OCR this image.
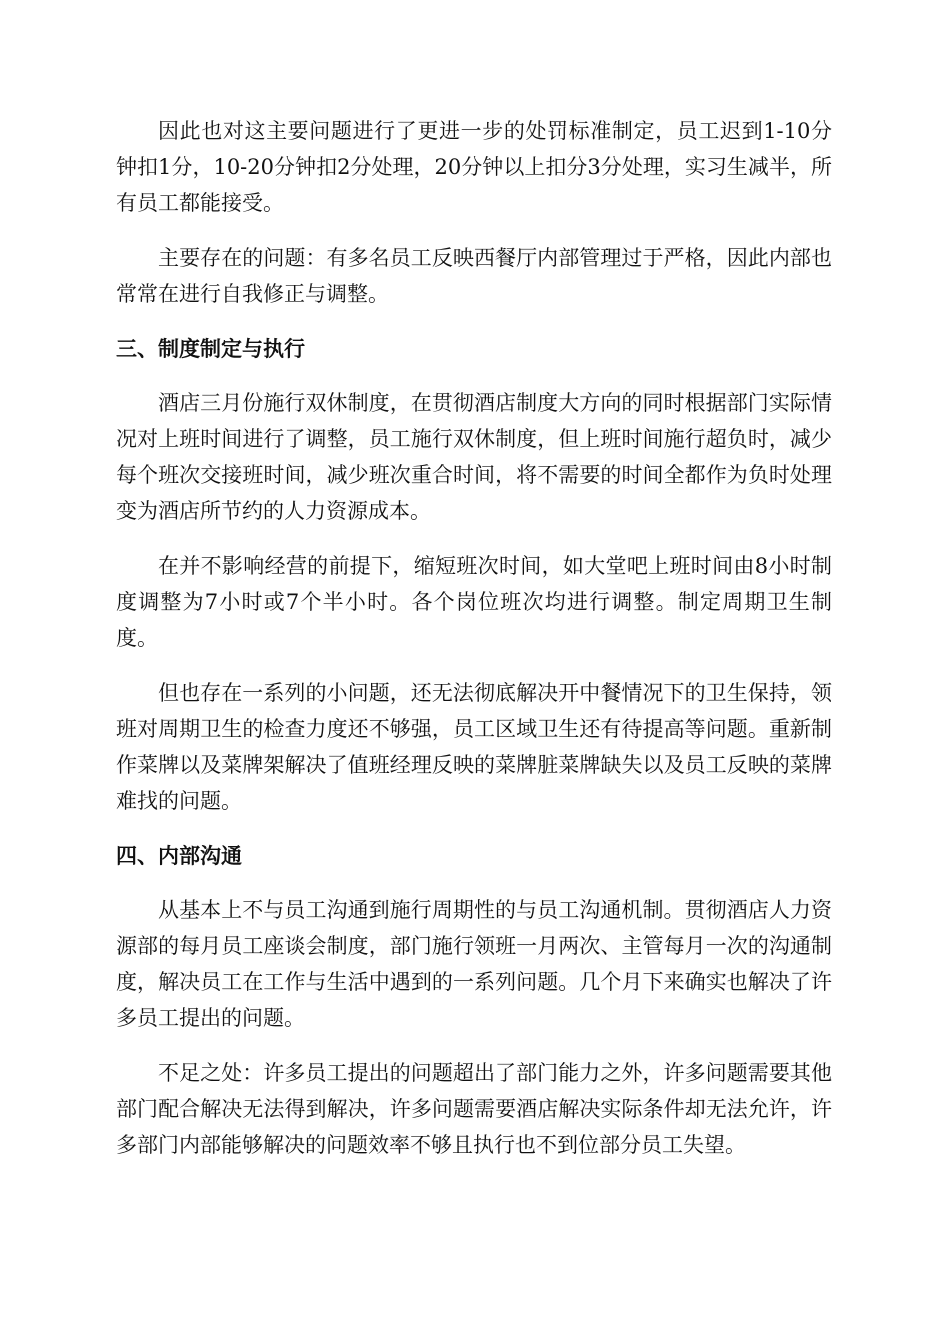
因此也对这主要问题进行了更进一步的处罚标准制定，员工迟到1-10分钟扣1分，10-20分钟扣2分处理，20分钟以上扣分3分处理，实习生减半，所有员工都能接受。

主要存在的问题：有多名员工反映西餐厅内部管理过于严格，因此内部也常常在进行自我修正与调整。

三、制度制定与执行

酒店三月份施行双休制度，在贯彻酒店制度大方向的同时根据部门实际情况对上班时间进行了调整，员工施行双休制度，但上班时间施行超负时，减少每个班次交接班时间，减少班次重合时间，将不需要的时间全都作为负时处理变为酒店所节约的人力资源成本。

在并不影响经营的前提下，缩短班次时间，如大堂吧上班时间由8小时制度调整为7小时或7个半小时。各个岗位班次均进行调整。制定周期卫生制度。

但也存在一系列的小问题，还无法彻底解决开中餐情况下的卫生保持，领班对周期卫生的检查力度还不够强，员工区域卫生还有待提高等问题。重新制作菜牌以及菜牌架解决了值班经理反映的菜牌脏菜牌缺失以及员工反映的菜牌难找的问题。

四、内部沟通

从基本上不与员工沟通到施行周期性的与员工沟通机制。贯彻酒店人力资源部的每月员工座谈会制度，部门施行领班一月两次、主管每月一次的沟通制度，解决员工在工作与生活中遇到的一系列问题。几个月下来确实也解决了许多员工提出的问题。

不足之处：许多员工提出的问题超出了部门能力之外，许多问题需要其他部门配合解决无法得到解决，许多问题需要酒店解决实际条件却无法允许，许多部门内部能够解决的问题效率不够且执行也不到位部分员工失望。
